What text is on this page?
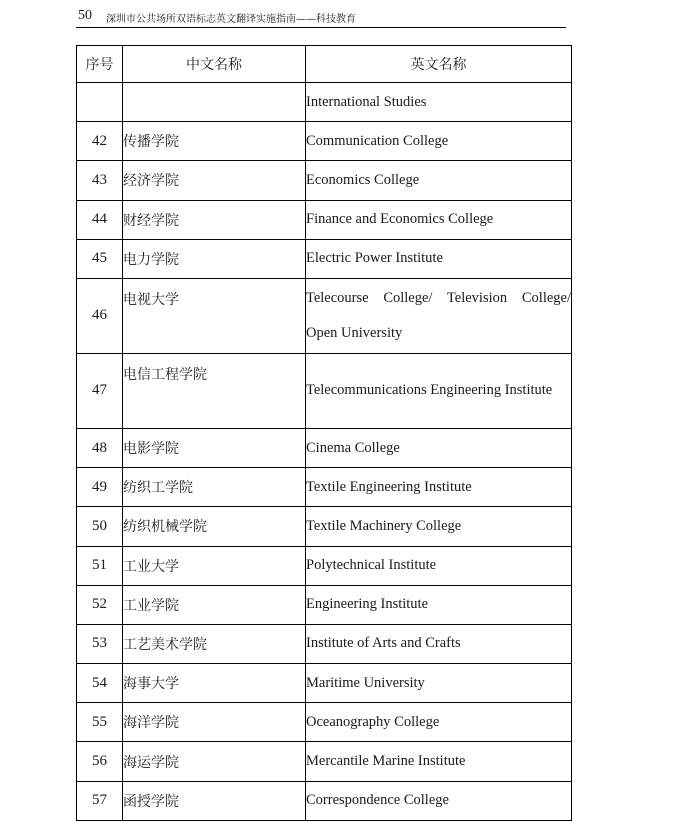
50 深圳市公共场所双语标志英文翻译实施指南——科技教育
序号	中文名称	英文名称
		International Studies
42	传播学院	Communication College
43	经济学院	Economics College
44	财经学院	Finance and Economics College
45	电力学院	Electric Power Institute
46	电视大学	Telecourse College/ Television College/ Open University
47	电信工程学院	Telecommunications Engineering Institute
48	电影学院	Cinema College
49	纺织工学院	Textile Engineering Institute
50	纺织机械学院	Textile Machinery College
51	工业大学	Polytechnical Institute
52	工业学院	Engineering Institute
53	工艺美术学院	Institute of Arts and Crafts
54	海事大学	Maritime University
55	海洋学院	Oceanography College
56	海运学院	Mercantile Marine Institute
57	函授学院	Correspondence College
